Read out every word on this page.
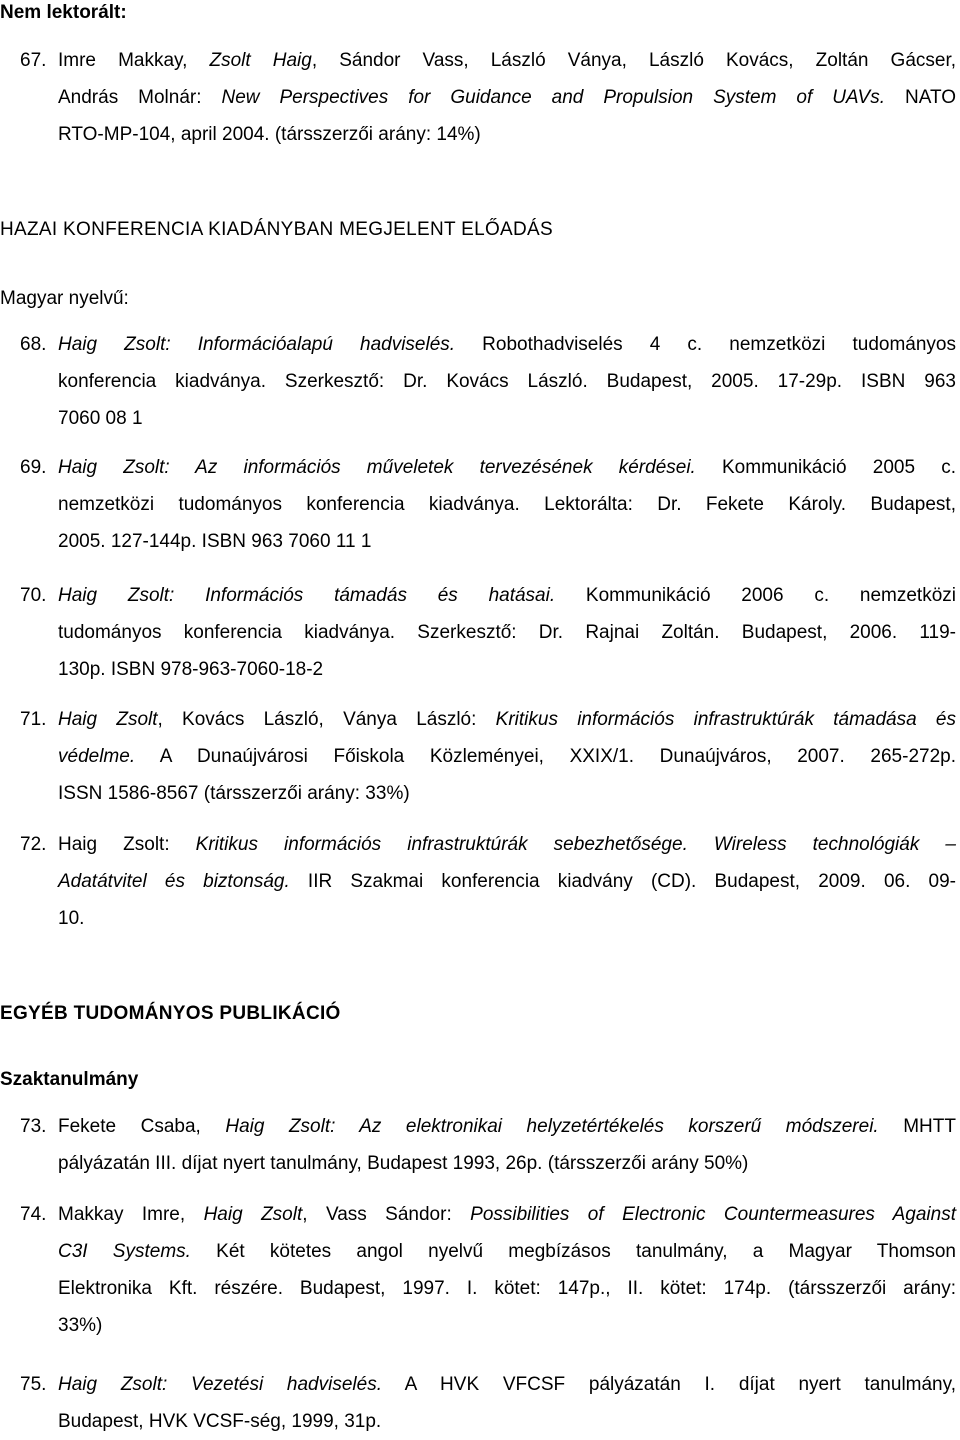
Nem lektorált:
67. Imre Makkay, Zsolt Haig, Sándor Vass, László Ványa, László Kovács, Zoltán Gácser,
András Molnár: New Perspectives for Guidance and Propulsion System of UAVs. NATO
RTO-MP-104, april 2004. (társszerzői arány: 14%)
HAZAI KONFERENCIA KIADÁNYBAN MEGJELENT ELŐADÁS
Magyar nyelvű:
68. Haig Zsolt: Információalapú hadviselés. Robothadviselés 4 c. nemzetközi tudományos
konferencia kiadványa. Szerkesztő: Dr. Kovács László. Budapest, 2005. 17-29p. ISBN 963
7060 08 1
69. Haig Zsolt: Az információs műveletek tervezésének kérdései. Kommunikáció 2005 c.
nemzetközi tudományos konferencia kiadványa. Lektorálta: Dr. Fekete Károly. Budapest,
2005. 127-144p. ISBN 963 7060 11 1
70. Haig Zsolt: Információs támadás és hatásai. Kommunikáció 2006 c. nemzetközi
tudományos konferencia kiadványa. Szerkesztő: Dr. Rajnai Zoltán. Budapest, 2006. 119-
130p. ISBN 978-963-7060-18-2
71. Haig Zsolt, Kovács László, Ványa László: Kritikus információs infrastruktúrák támadása és
védelme. A Dunaújvárosi Főiskola Közleményei, XXIX/1. Dunaújváros, 2007. 265-272p.
ISSN 1586-8567 (társszerzői arány: 33%)
72. Haig Zsolt: Kritikus információs infrastruktúrák sebezhetősége. Wireless technológiák –
Adatátvitel és biztonság. IIR Szakmai konferencia kiadvány (CD). Budapest, 2009. 06. 09-
10.
EGYÉB TUDOMÁNYOS PUBLIKÁCIÓ
Szaktanulmány
73. Fekete Csaba, Haig Zsolt: Az elektronikai helyzetértékelés korszerű módszerei. MHTT
pályázatán III. díjat nyert tanulmány, Budapest 1993, 26p. (társszerzői arány 50%)
74. Makkay Imre, Haig Zsolt, Vass Sándor: Possibilities of Electronic Countermeasures Against
C3I Systems. Két kötetes angol nyelvű megbízásos tanulmány, a Magyar Thomson
Elektronika Kft. részére. Budapest, 1997. I. kötet: 147p., II. kötet: 174p. (társszerzői arány:
33%)
75. Haig Zsolt: Vezetési hadviselés. A HVK VFCSF pályázatán I. díjat nyert tanulmány,
Budapest, HVK VCSF-ség, 1999, 31p.
